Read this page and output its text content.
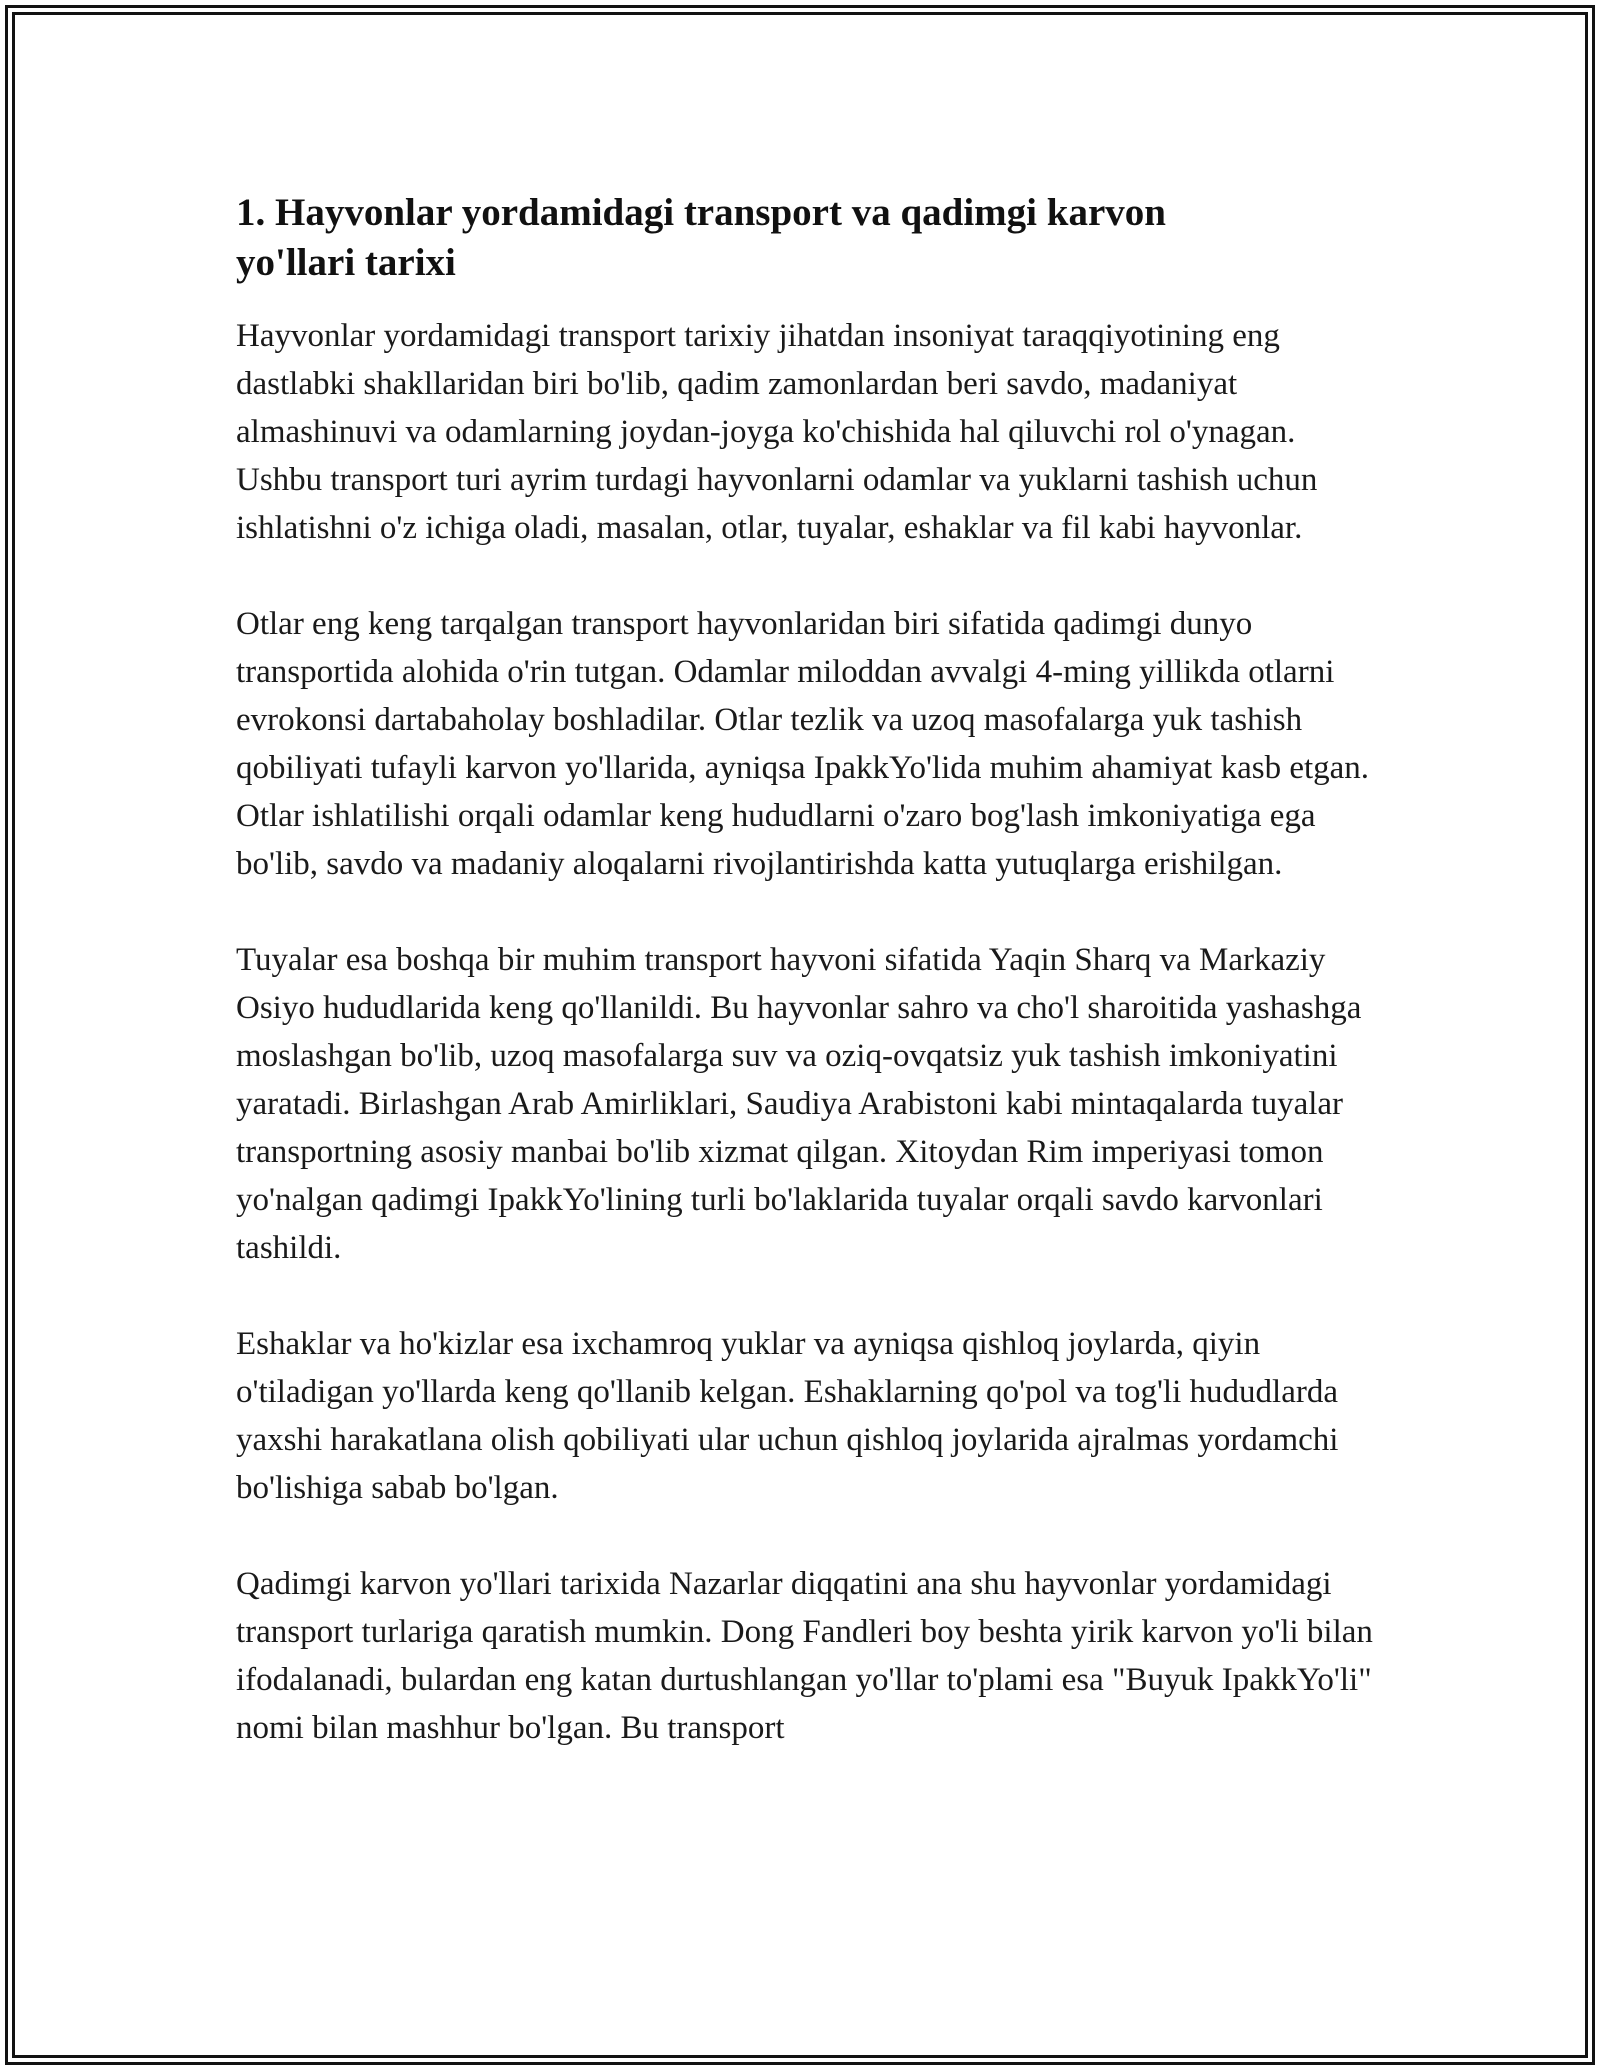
1. Hayvonlar yordamidagi transport va qadimgi karvon yo'llari tarixi

Hayvonlar yordamidagi transport tarixiy jihatdan insoniyat taraqqiyotining eng dastlabki shakllaridan biri bo'lib, qadim zamonlardan beri savdo, madaniyat almashinuvi va odamlarning joydan-joyga ko'chishida hal qiluvchi rol o'ynagan. Ushbu transport turi ayrim turdagi hayvonlarni odamlar va yuklarni tashish uchun ishlatishni o'z ichiga oladi, masalan, otlar, tuyalar, eshaklar va fil kabi hayvonlar.

Otlar eng keng tarqalgan transport hayvonlaridan biri sifatida qadimgi dunyo transportida alohida o'rin tutgan. Odamlar miloddan avvalgi 4-ming yillikda otlarni evrokonsi dartabaholay boshladilar. Otlar tezlik va uzoq masofalarga yuk tashish qobiliyati tufayli karvon yo'llarida, ayniqsa IpakkYo'lida muhim ahamiyat kasb etgan. Otlar ishlatilishi orqali odamlar keng hududlarni o'zaro bog'lash imkoniyatiga ega bo'lib, savdo va madaniy aloqalarni rivojlantirishda katta yutuqlarga erishilgan.

Tuyalar esa boshqa bir muhim transport hayvoni sifatida Yaqin Sharq va Markaziy Osiyo hududlarida keng qo'llanildi. Bu hayvonlar sahro va cho'l sharoitida yashashga moslashgan bo'lib, uzoq masofalarga suv va oziq-ovqatsiz yuk tashish imkoniyatini yaratadi. Birlashgan Arab Amirliklari, Saudiya Arabistoni kabi mintaqalarda tuyalar transportning asosiy manbai bo'lib xizmat qilgan. Xitoydan Rim imperiyasi tomon yo'nalgan qadimgi IpakkYo'lining turli bo'laklarida tuyalar orqali savdo karvonlari tashildi.

Eshaklar va ho'kizlar esa ixchamroq yuklar va ayniqsa qishloq joylarda, qiyin o'tiladigan yo'llarda keng qo'llanib kelgan. Eshaklarning qo'pol va tog'li hududlarda yaxshi harakatlana olish qobiliyati ular uchun qishloq joylarida ajralmas yordamchi bo'lishiga sabab bo'lgan.

Qadimgi karvon yo'llari tarixida Nazarlar diqqatini ana shu hayvonlar yordamidagi transport turlariga qaratish mumkin. Dong Fandleri boy beshta yirik karvon yo'li bilan ifodalanadi, bulardan eng katan durtushlangan yo'llar to'plami esa "Buyuk IpakkYo'li" nomi bilan mashhur bo'lgan. Bu transport
